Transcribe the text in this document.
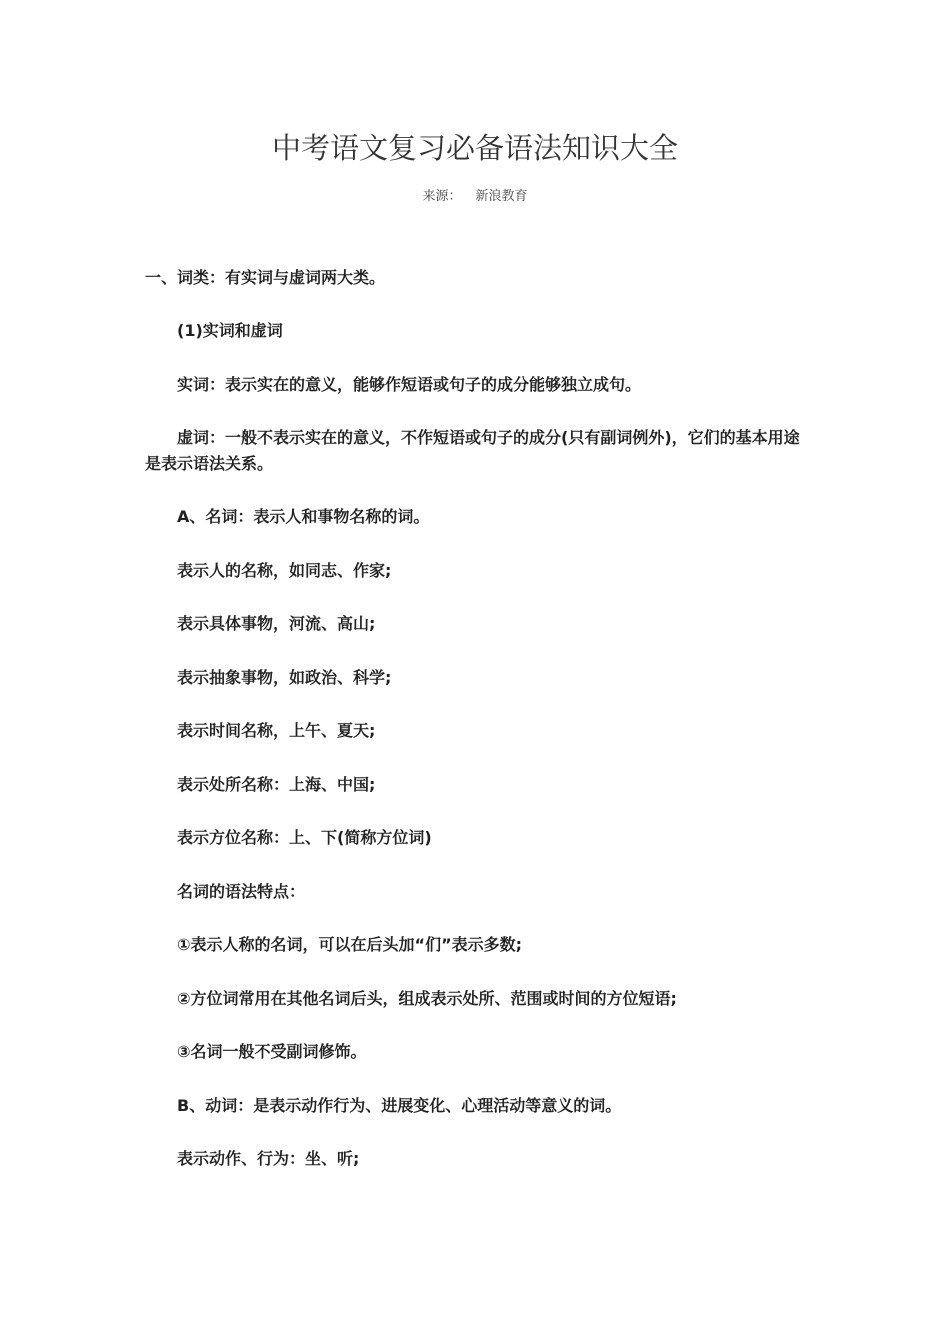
中考语文复习必备语法知识大全
来源： 新浪教育

一、词类：有实词与虚词两大类。

(1)实词和虚词

实词：表示实在的意义，能够作短语或句子的成分能够独立成句。

虚词：一般不表示实在的意义，不作短语或句子的成分(只有副词例外)，它们的基本用途是表示语法关系。

A、名词：表示人和事物名称的词。

表示人的名称，如同志、作家;

表示具体事物，河流、高山;

表示抽象事物，如政治、科学;

表示时间名称，上午、夏天;

表示处所名称：上海、中国;

表示方位名称：上、下(简称方位词)

名词的语法特点：

①表示人称的名词，可以在后头加“们”表示多数;

②方位词常用在其他名词后头，组成表示处所、范围或时间的方位短语;

③名词一般不受副词修饰。

B、动词：是表示动作行为、进展变化、心理活动等意义的词。

表示动作、行为：坐、听;
